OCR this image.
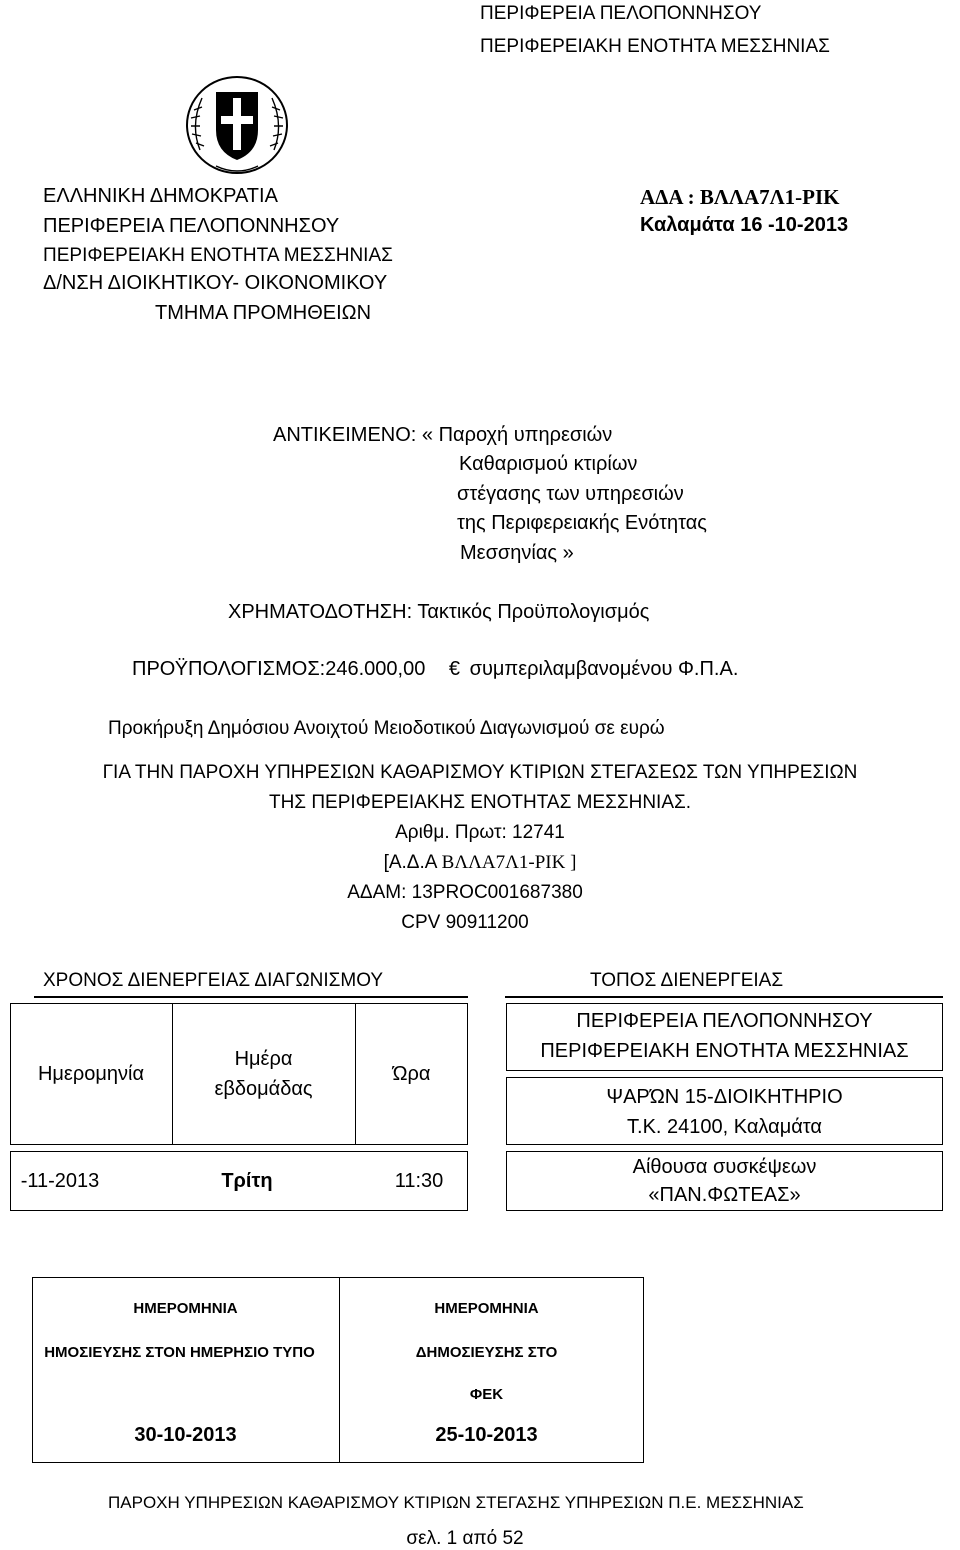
ΠΕΡΙΦΕΡΕΙΑ ΠΕΛΟΠΟΝΝΗΣΟΥ
ΠΕΡΙΦΕΡΕΙΑΚΗ ΕΝΟΤΗΤΑ ΜΕΣΣΗΝΙΑΣ
ΕΛΛΗΝΙΚΗ ΔΗΜΟΚΡΑΤΙΑ
ΠΕΡΙΦΕΡΕΙΑ ΠΕΛΟΠΟΝΝΗΣΟΥ
ΠΕΡΙΦΕΡΕΙΑΚΗ ΕΝΟΤΗΤΑ ΜΕΣΣΗΝΙΑΣ
Δ/ΝΣΗ ΔΙΟΙΚΗΤΙΚΟΥ- ΟΙΚΟΝΟΜΙΚΟΥ
ΤΜΗΜΑ ΠΡΟΜΗΘΕΙΩΝ
ΑΔΑ : ΒΛΛΑ7Λ1-ΡΙΚ
Καλαμάτα 16 -10-2013
ΑΝΤΙΚΕΙΜΕΝΟ: « Παροχή υπηρεσιών
Καθαρισμού κτιρίων
στέγασης των υπηρεσιών
της Περιφερειακής Ενότητας
Μεσσηνίας »
ΧΡΗΜΑΤΟΔΟΤΗΣΗ: Τακτικός Προϋπολογισμός
ΠΡΟΫΠΟΛΟΓΙΣΜΟΣ:246.000,00 € συμπεριλαμβανομένου Φ.Π.Α.
Προκήρυξη Δημόσιου Ανοιχτού Μειοδοτικού Διαγωνισμού σε ευρώ
ΓΙΑ ΤΗΝ ΠΑΡΟΧΗ ΥΠΗΡΕΣΙΩΝ ΚΑΘΑΡΙΣΜΟΥ ΚΤΙΡΙΩΝ ΣΤΕΓΑΣΕΩΣ ΤΩΝ ΥΠΗΡΕΣΙΩΝ
ΤΗΣ ΠΕΡΙΦΕΡΕΙΑΚΗΣ ΕΝΟΤΗΤΑΣ ΜΕΣΣΗΝΙΑΣ.
Αριθμ. Πρωτ: 12741
[Α.Δ.Α ΒΛΛΑ7Λ1-ΡΙΚ ]
ΑΔΑΜ: 13PROC001687380
CPV 90911200
ΧΡΟΝΟΣ ΔΙΕΝΕΡΓΕΙΑΣ ΔΙΑΓΩΝΙΣΜΟΥ
Ημερομηνία
Ημέρα
εβδομάδας
Ώρα
-11-2013	Τρίτη	11:30
ΤΟΠΟΣ ΔΙΕΝΕΡΓΕΙΑΣ
ΠΕΡΙΦΕΡΕΙΑ ΠΕΛΟΠΟΝΝΗΣΟΥ
ΠΕΡΙΦΕΡΕΙΑΚΗ ΕΝΟΤΗΤΑ ΜΕΣΣΗΝΙΑΣ
ΨΑΡΏΝ 15-ΔΙΟΙΚΗΤΗΡΙΟ
Τ.Κ. 24100, Καλαμάτα
Αίθουσα συσκέψεων
«ΠΑΝ.ΦΩΤΕΑΣ»
ΗΜΕΡΟΜΗΝΙΑ
ΗΜΟΣΙΕΥΣΗΣ ΣΤΟΝ ΗΜΕΡΗΣΙΟ ΤΥΠΟ
30-10-2013
ΗΜΕΡΟΜΗΝΙΑ
ΔΗΜΟΣΙΕΥΣΗΣ ΣΤΟ
ΦΕΚ
25-10-2013
ΠΑΡΟΧΗ ΥΠΗΡΕΣΙΩΝ ΚΑΘΑΡΙΣΜΟΥ ΚΤΙΡΙΩΝ ΣΤΕΓΑΣΗΣ ΥΠΗΡΕΣΙΩΝ Π.Ε. ΜΕΣΣΗΝΙΑΣ
σελ. 1 από 52
